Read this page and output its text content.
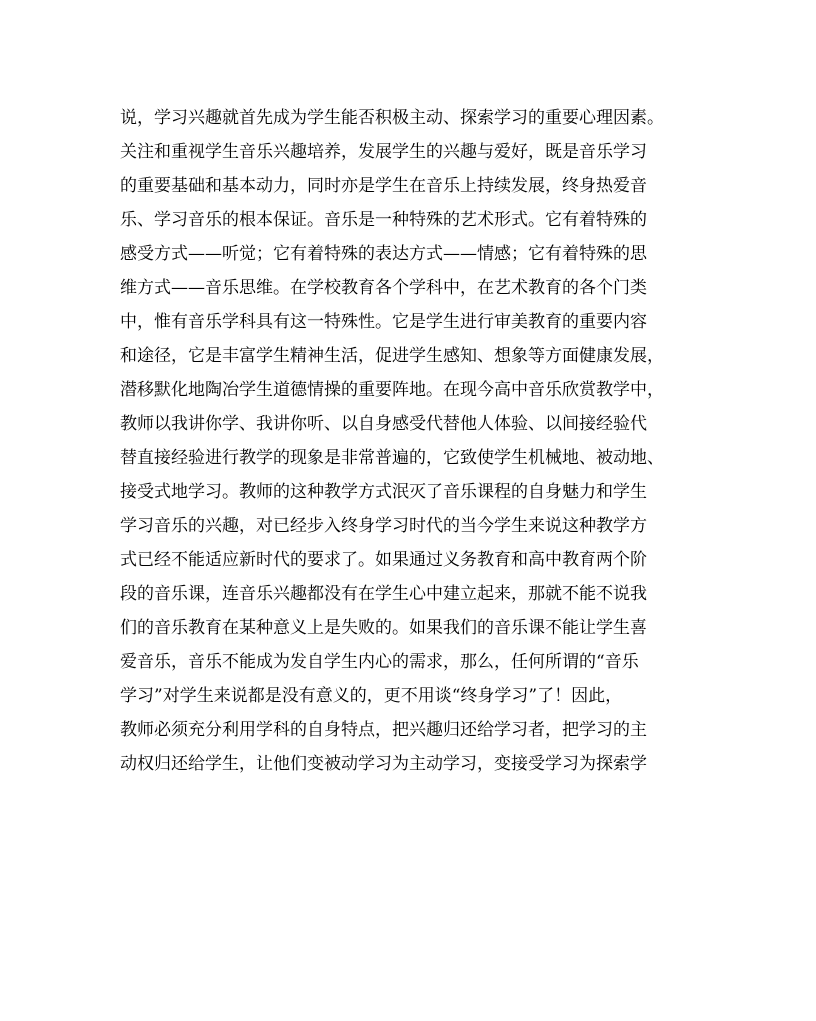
说，学习兴趣就首先成为学生能否积极主动、探索学习的重要心理因素。
关注和重视学生音乐兴趣培养，发展学生的兴趣与爱好，既是音乐学习
的重要基础和基本动力，同时亦是学生在音乐上持续发展，终身热爱音
乐、学习音乐的根本保证。音乐是一种特殊的艺术形式。它有着特殊的
感受方式——听觉；它有着特殊的表达方式——情感；它有着特殊的思
维方式——音乐思维。在学校教育各个学科中，在艺术教育的各个门类
中，惟有音乐学科具有这一特殊性。它是学生进行审美教育的重要内容
和途径，它是丰富学生精神生活，促进学生感知、想象等方面健康发展，
潜移默化地陶冶学生道德情操的重要阵地。在现今高中音乐欣赏教学中，
教师以我讲你学、我讲你听、以自身感受代替他人体验、以间接经验代
替直接经验进行教学的现象是非常普遍的，它致使学生机械地、被动地、
接受式地学习。教师的这种教学方式泯灭了音乐课程的自身魅力和学生
学习音乐的兴趣，对已经步入终身学习时代的当今学生来说这种教学方
式已经不能适应新时代的要求了。如果通过义务教育和高中教育两个阶
段的音乐课，连音乐兴趣都没有在学生心中建立起来，那就不能不说我
们的音乐教育在某种意义上是失败的。如果我们的音乐课不能让学生喜
爱音乐，音乐不能成为发自学生内心的需求，那么，任何所谓的“音乐
学习”对学生来说都是没有意义的，更不用谈“终身学习”了！因此，
教师必须充分利用学科的自身特点，把兴趣归还给学习者，把学习的主
动权归还给学生，让他们变被动学习为主动学习，变接受学习为探索学
